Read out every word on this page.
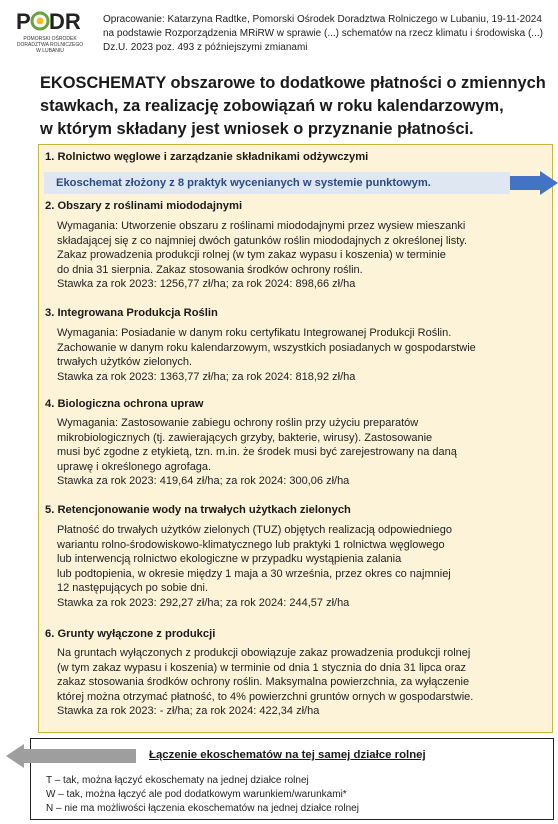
P DR
POMORSKI OŚRODEK DORADZTWA ROLNICZEGO W LUBANIU
Opracowanie: Katarzyna Radtke, Pomorski Ośrodek Doradztwa Rolniczego w Lubaniu, 19-11-2024
na podstawie Rozporządzenia MRiRW w sprawie (...) schematów na rzecz klimatu i środowiska (...)
Dz.U. 2023 poz. 493 z późniejszymi zmianami
EKOSCHEMATY obszarowe to dodatkowe płatności o zmiennych
stawkach, za realizację zobowiązań w roku kalendarzowym,
w którym składany jest wniosek o przyznanie płatności.
1. Rolnictwo węglowe i zarządzanie składnikami odżywczymi
Ekoschemat złożony z 8 praktyk wycenianych w systemie punktowym.
2. Obszary z roślinami miododajnymi
Wymagania: Utworzenie obszaru z roślinami miododajnymi przez wysiew mieszanki
składającej się z co najmniej dwóch gatunków roślin miododajnych z określonej listy.
Zakaz prowadzenia produkcji rolnej (w tym zakaz wypasu i koszenia) w terminie
do dnia 31 sierpnia. Zakaz stosowania środków ochrony roślin.
Stawka za rok 2023: 1256,77 zł/ha; za rok 2024: 898,66 zł/ha
3. Integrowana Produkcja Roślin
Wymagania: Posiadanie w danym roku certyfikatu Integrowanej Produkcji Roślin.
Zachowanie w danym roku kalendarzowym, wszystkich posiadanych w gospodarstwie
trwałych użytków zielonych.
Stawka za rok 2023: 1363,77 zł/ha; za rok 2024: 818,92 zł/ha
4. Biologiczna ochrona upraw
Wymagania: Zastosowanie zabiegu ochrony roślin przy użyciu preparatów
mikrobiologicznych (tj. zawierających grzyby, bakterie, wirusy). Zastosowanie
musi być zgodne z etykietą, tzn. m.in. że środek musi być zarejestrowany na daną
uprawę i określonego agrofaga.
Stawka za rok 2023: 419,64 zł/ha; za rok 2024: 300,06 zł/ha
5. Retencjonowanie wody na trwałych użytkach zielonych
Płatność do trwałych użytków zielonych (TUZ) objętych realizacją odpowiedniego
wariantu rolno-środowiskowo-klimatycznego lub praktyki 1 rolnictwa węglowego
lub interwencją rolnictwo ekologiczne w przypadku wystąpienia zalania
lub podtopienia, w okresie między 1 maja a 30 września, przez okres co najmniej
12 następujących po sobie dni.
Stawka za rok 2023: 292,27 zł/ha; za rok 2024: 244,57 zł/ha
6. Grunty wyłączone z produkcji
Na gruntach wyłączonych z produkcji obowiązuje zakaz prowadzenia produkcji rolnej
(w tym zakaz wypasu i koszenia) w terminie od dnia 1 stycznia do dnia 31 lipca oraz
zakaz stosowania środków ochrony roślin. Maksymalna powierzchnia, za wyłączenie
której można otrzymać płatność, to 4% powierzchni gruntów ornych w gospodarstwie.
Stawka za rok 2023: - zł/ha; za rok 2024: 422,34 zł/ha
Łączenie ekoschematów na tej samej działce rolnej
T – tak, można łączyć ekoschematy na jednej działce rolnej
W – tak, można łączyć ale pod dodatkowym warunkiem/warunkami*
N – nie ma możliwości łączenia ekoschematów na jednej działce rolnej
